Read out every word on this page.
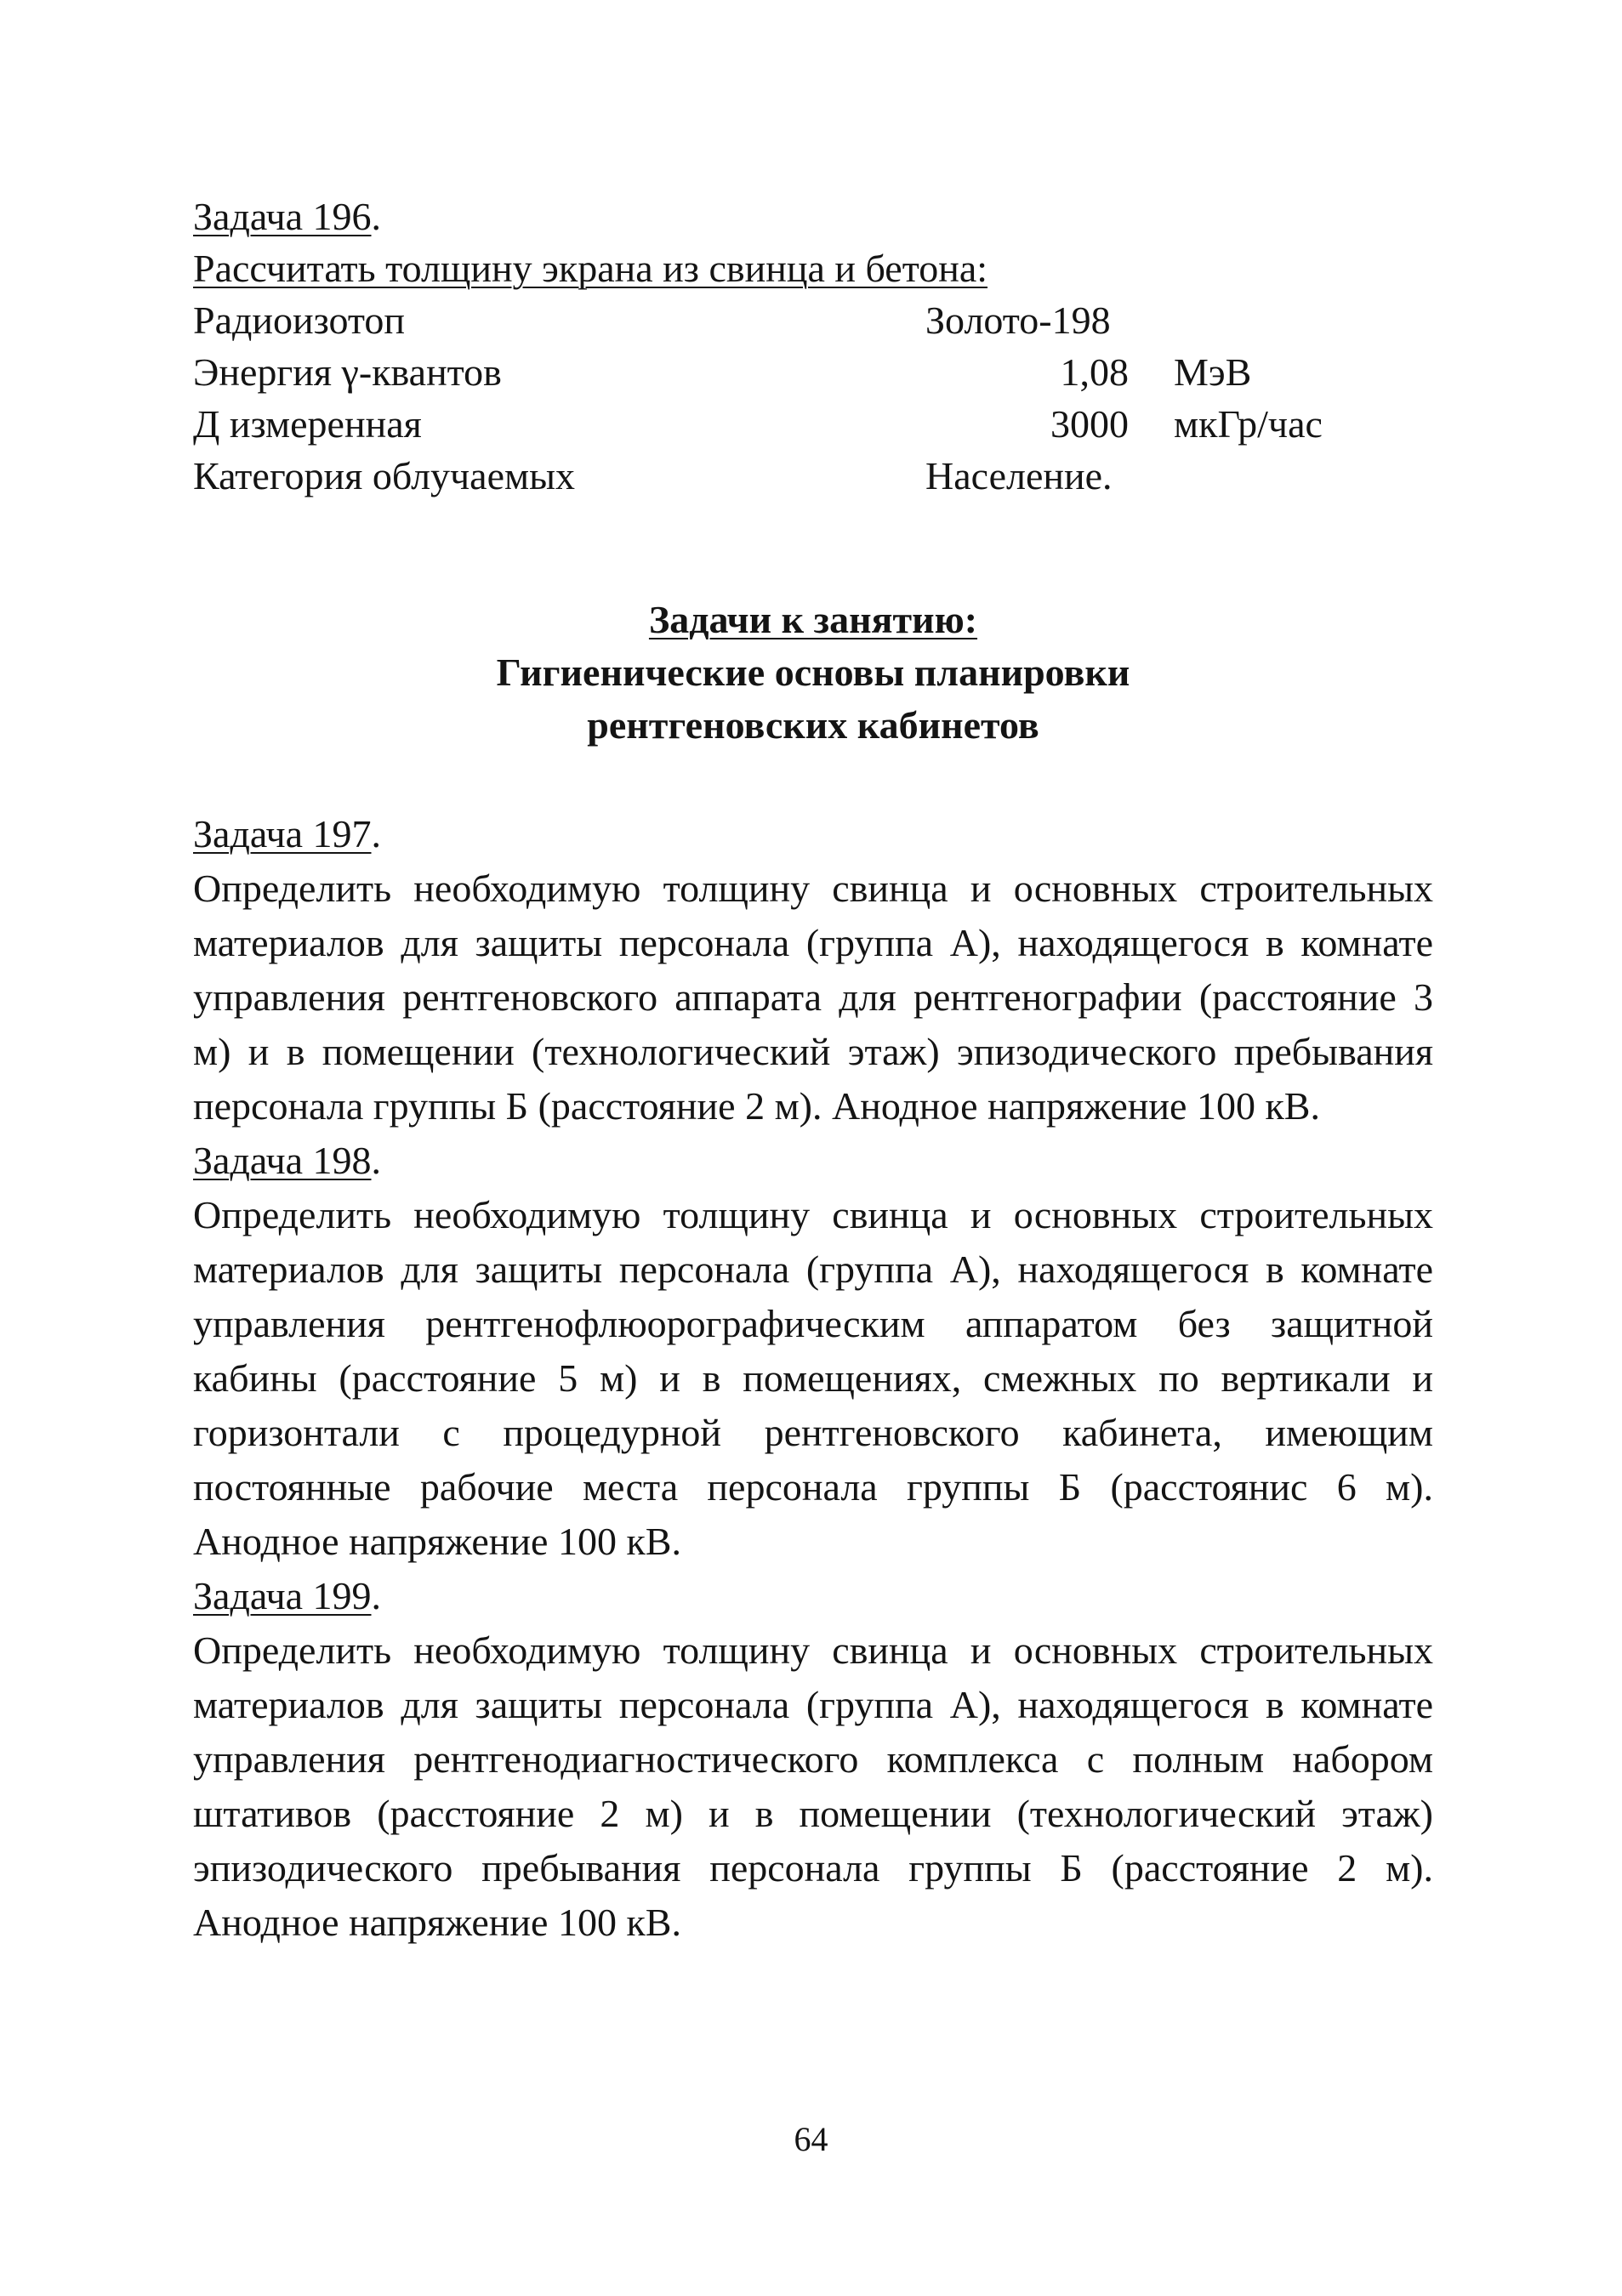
Задача 196.
Рассчитать толщину экрана из свинца и бетона:
Радиоизотоп	Золото-198
Энергия γ-квантов	1,08 МэВ
Д измеренная	3000 мкГр/час
Категория облучаемых	Население.
Задачи к занятию:
Гигиенические основы планировки
рентгеновских кабинетов
Задача 197.
Определить необходимую толщину свинца и основных строительных материалов для защиты персонала (группа А), находящегося в комнате управления рентгеновского аппарата для рентгенографии (расстояние 3 м) и в помещении (технологический этаж) эпизодического пребывания персонала группы Б (расстояние 2 м). Анодное напряжение 100 кВ.
Задача 198.
Определить необходимую толщину свинца и основных строительных материалов для защиты персонала (группа А), находящегося в комнате управления рентгенофлюорографическим аппаратом без защитной кабины (расстояние 5 м) и в помещениях, смежных по вертикали и горизонтали с процедурной рентгеновского кабинета, имеющим постоянные рабочие места персонала группы Б (расстоянис 6 м). Анодное напряжение 100 кВ.
Задача 199.
Определить необходимую толщину свинца и основных строительных материалов для защиты персонала (группа А), находящегося в комнате управления рентгенодиагностического комплекса с полным набором штативов (расстояние 2 м) и в помещении (технологический этаж) эпизодического пребывания персонала группы Б (расстояние 2 м). Анодное напряжение 100 кВ.
64
